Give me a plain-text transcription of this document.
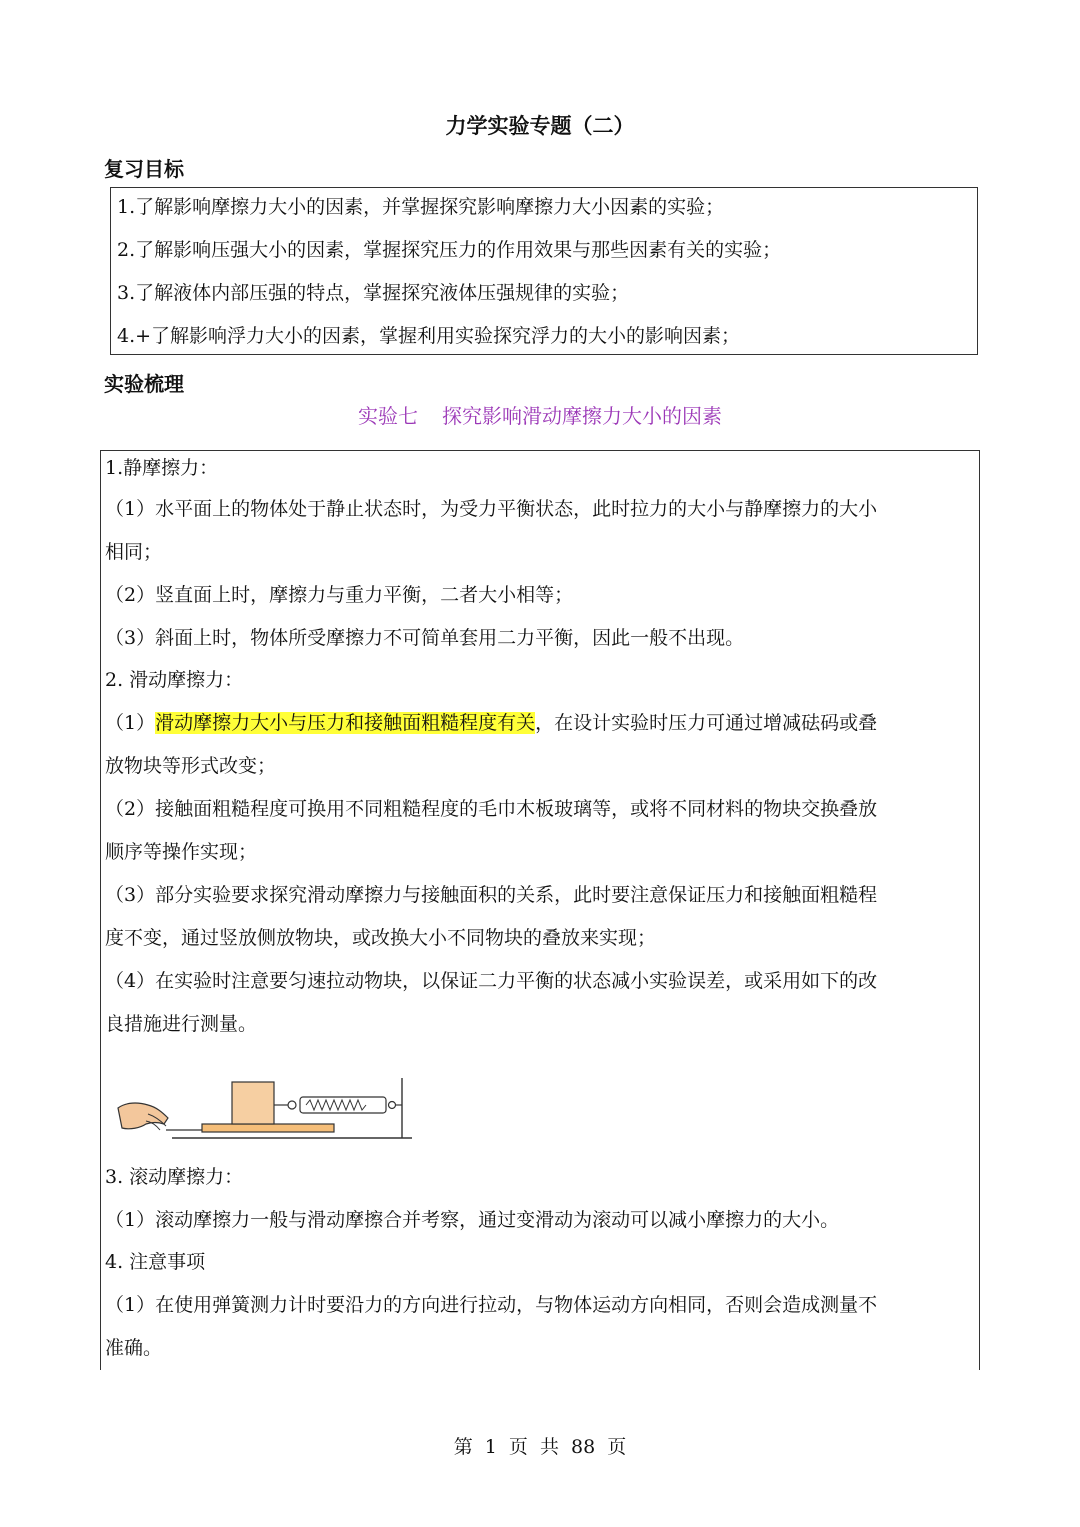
力学实验专题（二）
复习目标
1.了解影响摩擦力大小的因素，并掌握探究影响摩擦力大小因素的实验；
2.了解影响压强大小的因素，掌握探究压力的作用效果与那些因素有关的实验；
3.了解液体内部压强的特点，掌握探究液体压强规律的实验；
4.+了解影响浮力大小的因素，掌握利用实验探究浮力的大小的影响因素；
实验梳理
实验七 探究影响滑动摩擦力大小的因素
1.静摩擦力：
（1）水平面上的物体处于静止状态时，为受力平衡状态，此时拉力的大小与静摩擦力的大小
相同；
（2）竖直面上时，摩擦力与重力平衡，二者大小相等；
（3）斜面上时，物体所受摩擦力不可简单套用二力平衡，因此一般不出现。
2. 滑动摩擦力：
（1）滑动摩擦力大小与压力和接触面粗糙程度有关，在设计实验时压力可通过增减砝码或叠
放物块等形式改变；
（2）接触面粗糙程度可换用不同粗糙程度的毛巾木板玻璃等，或将不同材料的物块交换叠放
顺序等操作实现；
（3）部分实验要求探究滑动摩擦力与接触面积的关系，此时要注意保证压力和接触面粗糙程
度不变，通过竖放侧放物块，或改换大小不同物块的叠放来实现；
（4）在实验时注意要匀速拉动物块，以保证二力平衡的状态减小实验误差，或采用如下的改
良措施进行测量。
3. 滚动摩擦力：
（1）滚动摩擦力一般与滑动摩擦合并考察，通过变滑动为滚动可以减小摩擦力的大小。
4. 注意事项
（1）在使用弹簧测力计时要沿力的方向进行拉动，与物体运动方向相同，否则会造成测量不
准确。
第 1 页 共 88 页
